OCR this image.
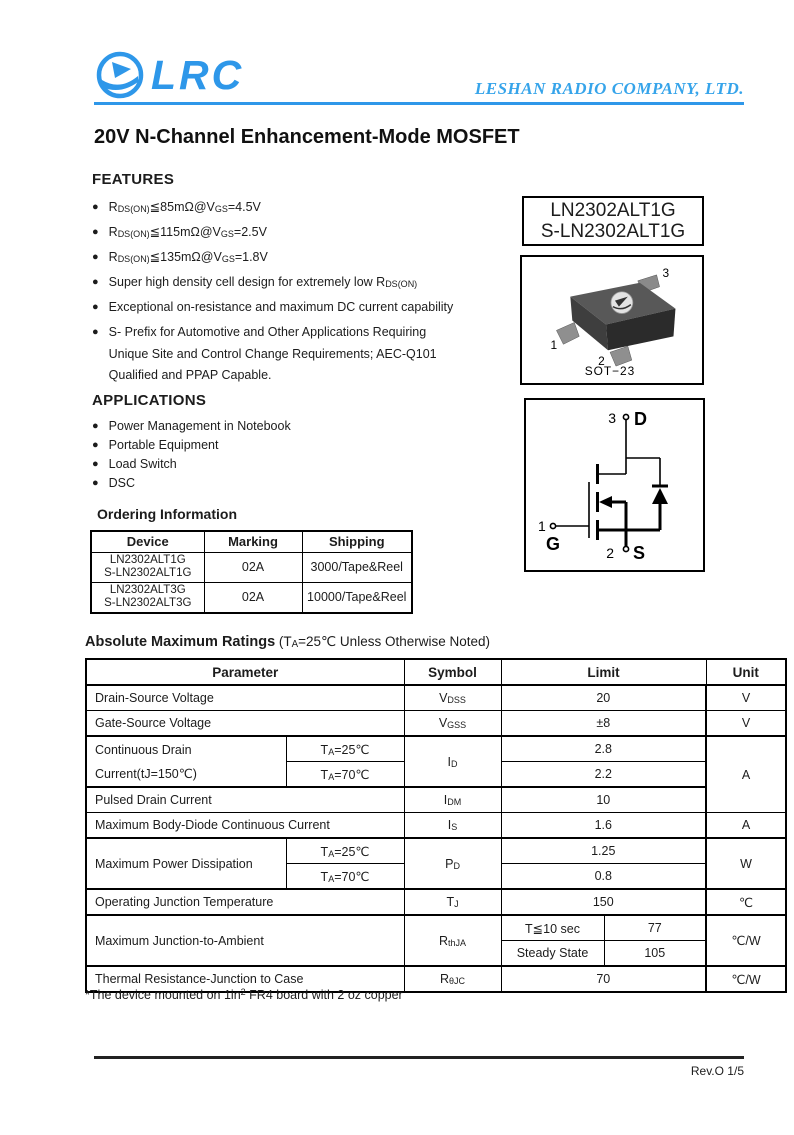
LRC	LESHAN RADIO COMPANY, LTD.
20V N-Channel Enhancement-Mode MOSFET
FEATURES
● $R_{DS(ON)}≦85m\Omega@V_{GS}=4.5V$
● $R_{DS(ON)}≦115m\Omega@V_{GS}=2.5V$
● $R_{DS(ON)}≦135m\Omega@V_{GS}=1.8V$
● Super high density cell design for extremely low $R_{DS(ON)}$
● Exceptional on-resistance and maximum DC current capability
● S- Prefix for Automotive and Other Applications Requiring Unique Site and Control Change Requirements; AEC-Q101 Qualified and PPAP Capable.
APPLICATIONS
● Power Management in Notebook
● Portable Equipment
● Load Switch
● DSC
Ordering Information
Device	Marking	Shipping

LN2302ALT1G
S-LN2302ALT1G	02A	3000/Tape&Reel

LN2302ALT3G
S-LN2302ALT3G	02A	10000/Tape&Reel
LN2302ALT1G
S-LN2302ALT1G
3
1
2
SOT−23
3 D
1
G	2 S
Absolute Maximum Ratings ($T_A=25℃$ Unless Otherwise Noted)
Parameter		Symbol	Limit		Unit
Drain-Source Voltage		$V_{DSS}$	20		V
Gate-Source Voltage		$V_{GSS}$	±8		V

Continuous Drain
Current(tJ=150℃)	$T_A=25℃$	$I_D$	2.8		A
	$T_A=70℃$		2.2		
Pulsed Drain Current		$I_{DM}$	10		
Maximum Body-Diode Continuous Current		$I_S$	1.6		A
Maximum Power Dissipation	$T_A=25℃$	$P_D$	1.25		W
	$T_A=70℃$		0.8		
Operating Junction Temperature		$T_J$	150		℃
Maximum Junction-to-Ambient		$R_{thJA}$	T≦10 sec	77	℃/W
			Steady State	105	
Thermal Resistance-Junction to Case		$R_{\theta JC}$	70		℃/W
*The device mounted on $1in^2$ FR4 board with 2 oz copper
Rev.O 1/5
